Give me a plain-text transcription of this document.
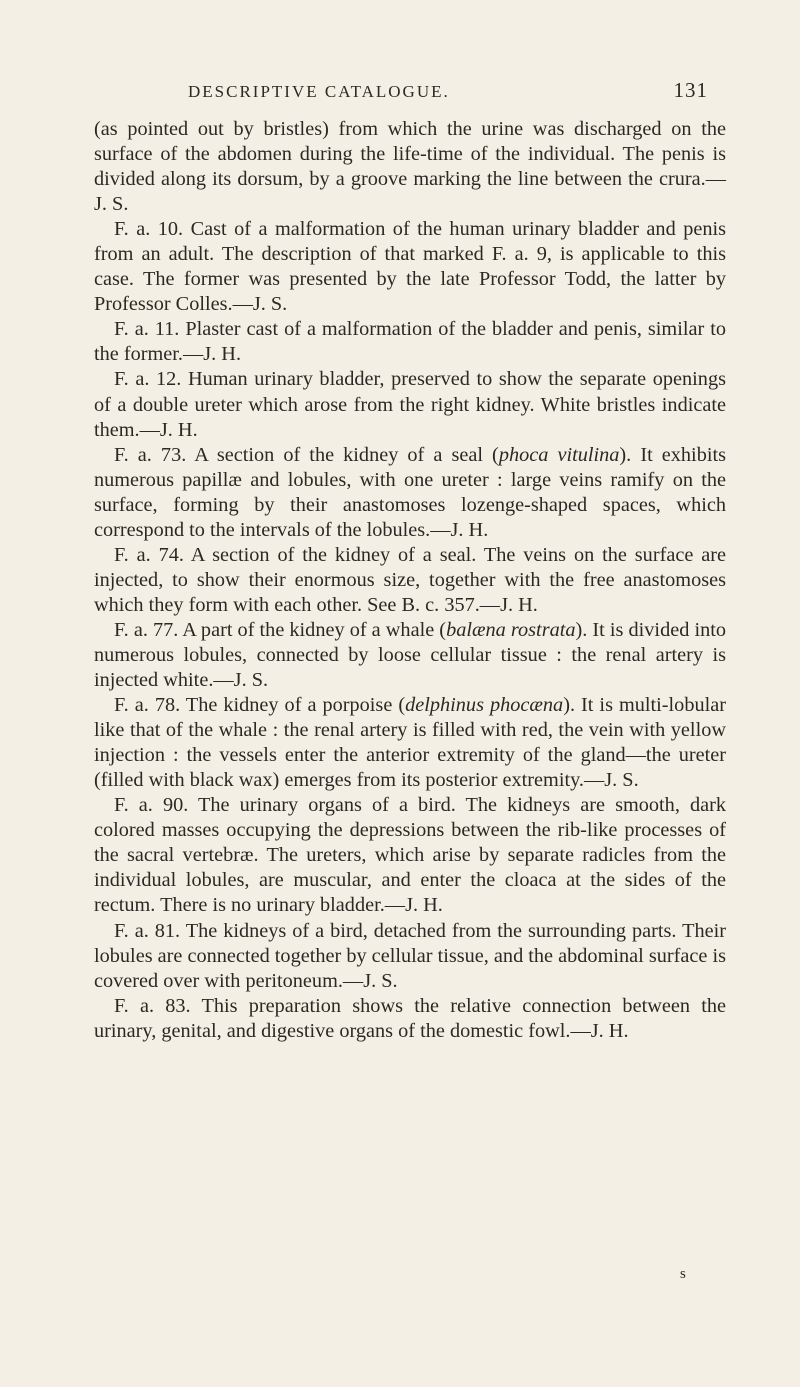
DESCRIPTIVE CATALOGUE.	131

(as pointed out by bristles) from which the urine was discharged on the surface of the abdomen during the life-time of the individual. The penis is divided along its dorsum, by a groove marking the line between the crura.—J. S.

F. a. 10. Cast of a malformation of the human urinary bladder and penis from an adult. The description of that marked F. a. 9, is applicable to this case. The former was presented by the late Professor Todd, the latter by Professor Colles.—J. S.

F. a. 11. Plaster cast of a malformation of the bladder and penis, similar to the former.—J. H.

F. a. 12. Human urinary bladder, preserved to show the separate openings of a double ureter which arose from the right kidney. White bristles indicate them.—J. H.

F. a. 73. A section of the kidney of a seal (phoca vitulina). It exhibits numerous papillæ and lobules, with one ureter : large veins ramify on the surface, forming by their anastomoses lozenge-shaped spaces, which correspond to the intervals of the lobules.—J. H.

F. a. 74. A section of the kidney of a seal. The veins on the surface are injected, to show their enormous size, together with the free anastomoses which they form with each other. See B. c. 357.—J. H.

F. a. 77. A part of the kidney of a whale (balæna rostrata). It is divided into numerous lobules, connected by loose cellular tissue : the renal artery is injected white.—J. S.

F. a. 78. The kidney of a porpoise (delphinus phocæna). It is multi-lobular like that of the whale : the renal artery is filled with red, the vein with yellow injection : the vessels enter the anterior extremity of the gland—the ureter (filled with black wax) emerges from its posterior extremity.—J. S.

F. a. 90. The urinary organs of a bird. The kidneys are smooth, dark colored masses occupying the depressions between the rib-like processes of the sacral vertebræ. The ureters, which arise by separate radicles from the individual lobules, are muscular, and enter the cloaca at the sides of the rectum. There is no urinary bladder.—J. H.

F. a. 81. The kidneys of a bird, detached from the surrounding parts. Their lobules are connected together by cellular tissue, and the abdominal surface is covered over with peritoneum.—J. S.

F. a. 83. This preparation shows the relative connection between the urinary, genital, and digestive organs of the domestic fowl.—J. H.

s
